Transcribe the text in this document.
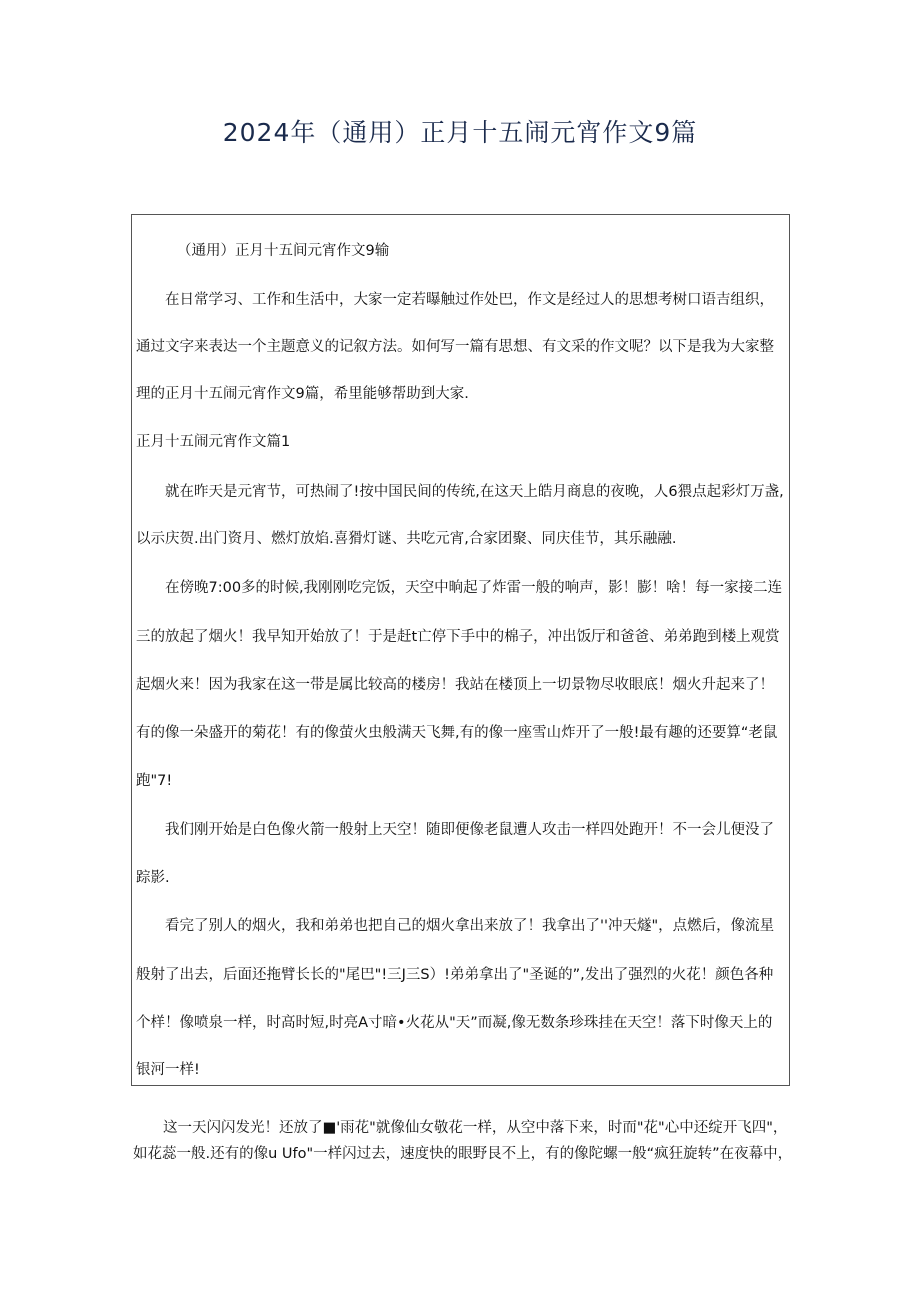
2024年（通用）正月十五闹元宵作文9篇
（通用）正月十五间元宵作文9输
在日常学习、工作和生活中，大家一定若曝触过作处巴，作文是经过人的思想考树口语吉组织，
通过文字来表达一个主题意义的记叙方法。如何写一篇有思想、有文采的作文呢？以下是我为大家整
理的正月十五闹元宵作文9篇，希里能够帮助到大家.
正月十五闹元宵作文篇1
就在昨天是元宵节，可热闹了!按中国民间的传统,在这天上皓月商息的夜晚，人6猥点起彩灯万盏,
以示庆贺.出门资月、燃灯放焰.喜猾灯谜、共吃元宵,合家团聚、同庆佳节，其乐融融.
在傍晚7:00多的时候,我刚刚吃完饭，天空中晌起了炸雷一般的响声，影！膨！啥！每一家接二连
三的放起了烟火！我早知开始放了！于是赶t亡停下手中的棉子，冲出饭厅和爸爸、弟弟跑到楼上观赏
起烟火来！因为我家在这一带是属比较高的楼房！我站在楼顶上一切景物尽收眼底！烟火升起来了！
有的像一朵盛开的菊花！有的像萤火虫般满天飞舞,有的像一座雪山炸开了一般!最有趣的还要算“老鼠
跑"7!
我们刚开始是白色像火箭一般射上天空！随即便像老鼠遭人攻击一样四处跑开！不一会儿便没了
踪影.
看完了别人的烟火，我和弟弟也把自己的烟火拿出来放了！我拿出了''冲天燧"，点燃后，像流星
般射了出去，后面还拖臂长长的"尾巴"!三J三S）!弟弟拿出了"圣诞的”,发出了强烈的火花！颜色各种
个样！像喷泉一样，时高时短,时亮A寸暗•火花从"天”而凝,像无数条珍珠挂在天空！落下时像天上的
银河一样!
这一天闪闪发光！还放了■'雨花"就像仙女敬花一样，从空中落下来，时而"花"心中还绽开飞四"，
如花蕊一般.还有的像u Ufo"一样闪过去，速度快的眼野艮不上，有的像陀螺一般“疯狂旋转”在夜幕中，
